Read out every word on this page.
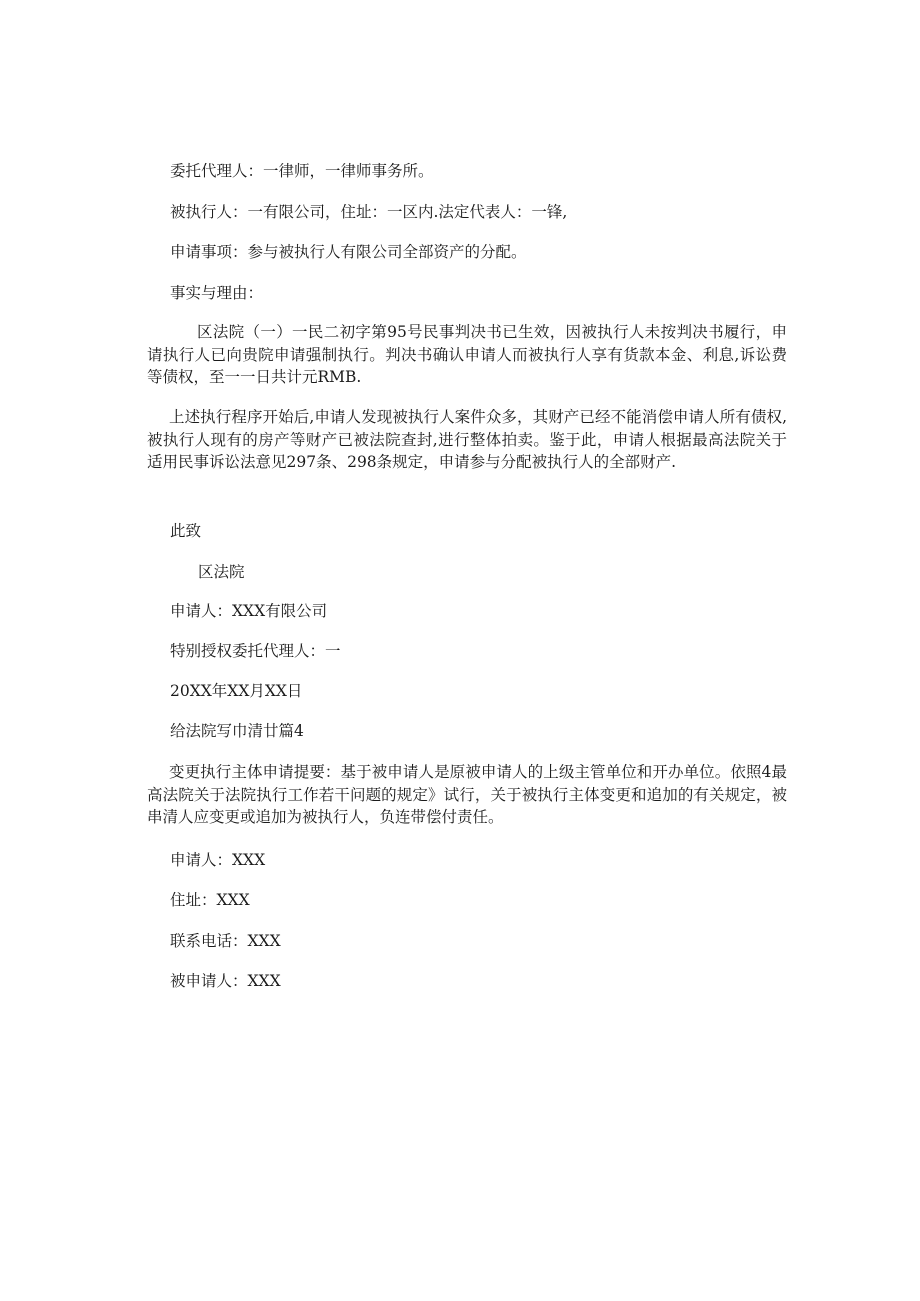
委托代理人：一律师，一律师事务所。
被执行人：一有限公司，住址：一区内.法定代表人：一锋,
申请事项：参与被执行人有限公司全部资产的分配。
事实与理由：
区法院（一）一民二初字第95号民事判决书已生效，因被执行人未按判决书履行，申请执行人已向贵院申请强制执行。判决书确认申请人而被执行人享有货款本金、利息,诉讼费等债权，至一一日共计元RMB.
上述执行程序开始后,申请人发现被执行人案件众多，其财产已经不能消偿申请人所有债权,被执行人现有的房产等财产已被法院查封,进行整体拍卖。鉴于此，申请人根据最高法院关于适用民事诉讼法意见297条、298条规定，申请参与分配被执行人的全部财产.
此致
区法院
申请人：XXX有限公司
特别授权委托代理人：一
20XX年XX月XX日
给法院写巾清廿篇4
变更执行主体申请提要：基于被申请人是原被申请人的上级主管单位和开办单位。依照4最高法院关于法院执行工作若干问题的规定》试行，关于被执行主体变更和追加的有关规定，被串清人应变更或追加为被执行人，负连带偿付责任。
申请人：XXX
住址：XXX
联系电话：XXX
被申请人：XXX
